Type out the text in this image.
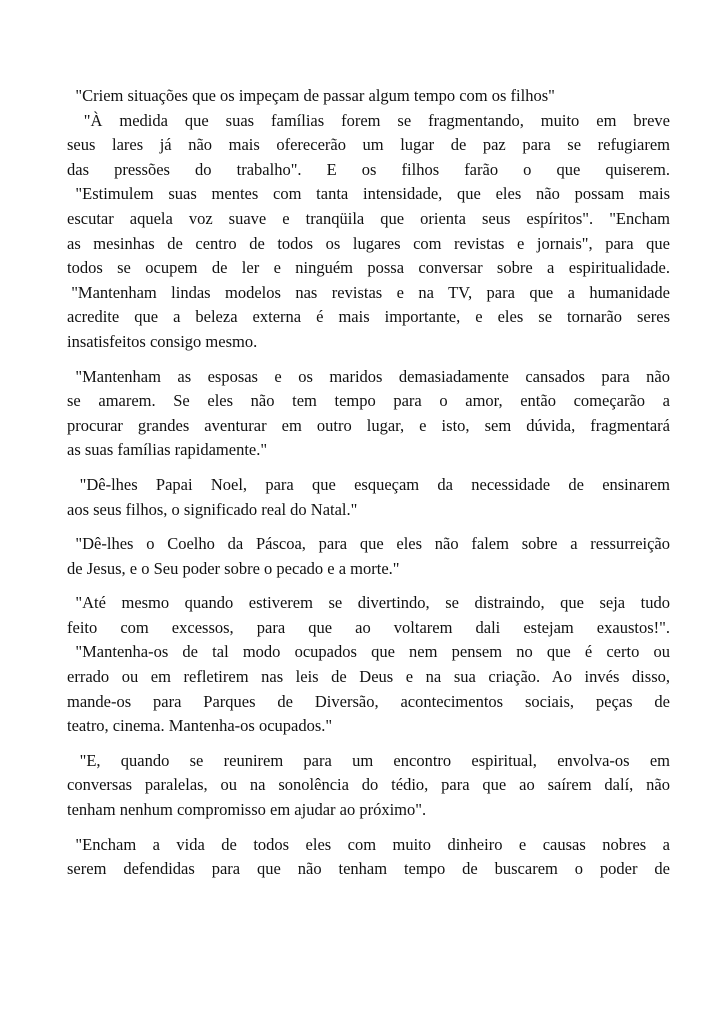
"Criem situações que os impeçam de passar algum tempo com os filhos"
"À medida que suas famílias forem se fragmentando, muito em breve
seus lares já não mais oferecerão um lugar de paz para se refugiarem
das pressões do trabalho". E os filhos farão o que quiserem.
"Estimulem suas mentes com tanta intensidade, que eles não possam mais
escutar aquela voz suave e tranqüila que orienta seus espíritos". "Encham
as mesinhas de centro de todos os lugares com revistas e jornais", para que
todos se ocupem de ler e ninguém possa conversar sobre a espiritualidade.
"Mantenham lindas modelos nas revistas e na TV, para que a humanidade
acredite que a beleza externa é mais importante, e eles se tornarão seres
insatisfeitos consigo mesmo.
"Mantenham as esposas e os maridos demasiadamente cansados para não
se amarem. Se eles não tem tempo para o amor, então começarão a
procurar grandes aventurar em outro lugar, e isto, sem dúvida, fragmentará
as suas famílias rapidamente."
"Dê-lhes Papai Noel, para que esqueçam da necessidade de ensinarem
aos seus filhos, o significado real do Natal."
"Dê-lhes o Coelho da Páscoa, para que eles não falem sobre a ressurreição
de Jesus, e o Seu poder sobre o pecado e a morte."
"Até mesmo quando estiverem se divertindo, se distraindo, que seja tudo
feito com excessos, para que ao voltarem dali estejam exaustos!".
"Mantenha-os de tal modo ocupados que nem pensem no que é certo ou
errado ou em refletirem nas leis de Deus e na sua criação. Ao invés disso,
mande-os para Parques de Diversão, acontecimentos sociais, peças de
teatro, cinema. Mantenha-os ocupados."
"E, quando se reunirem para um encontro espiritual, envolva-os em
conversas paralelas, ou na sonolência do tédio, para que ao saírem dalí, não
tenham nenhum compromisso em ajudar ao próximo".
"Encham a vida de todos eles com muito dinheiro e causas nobres a
serem defendidas para que não tenham tempo de buscarem o poder de
